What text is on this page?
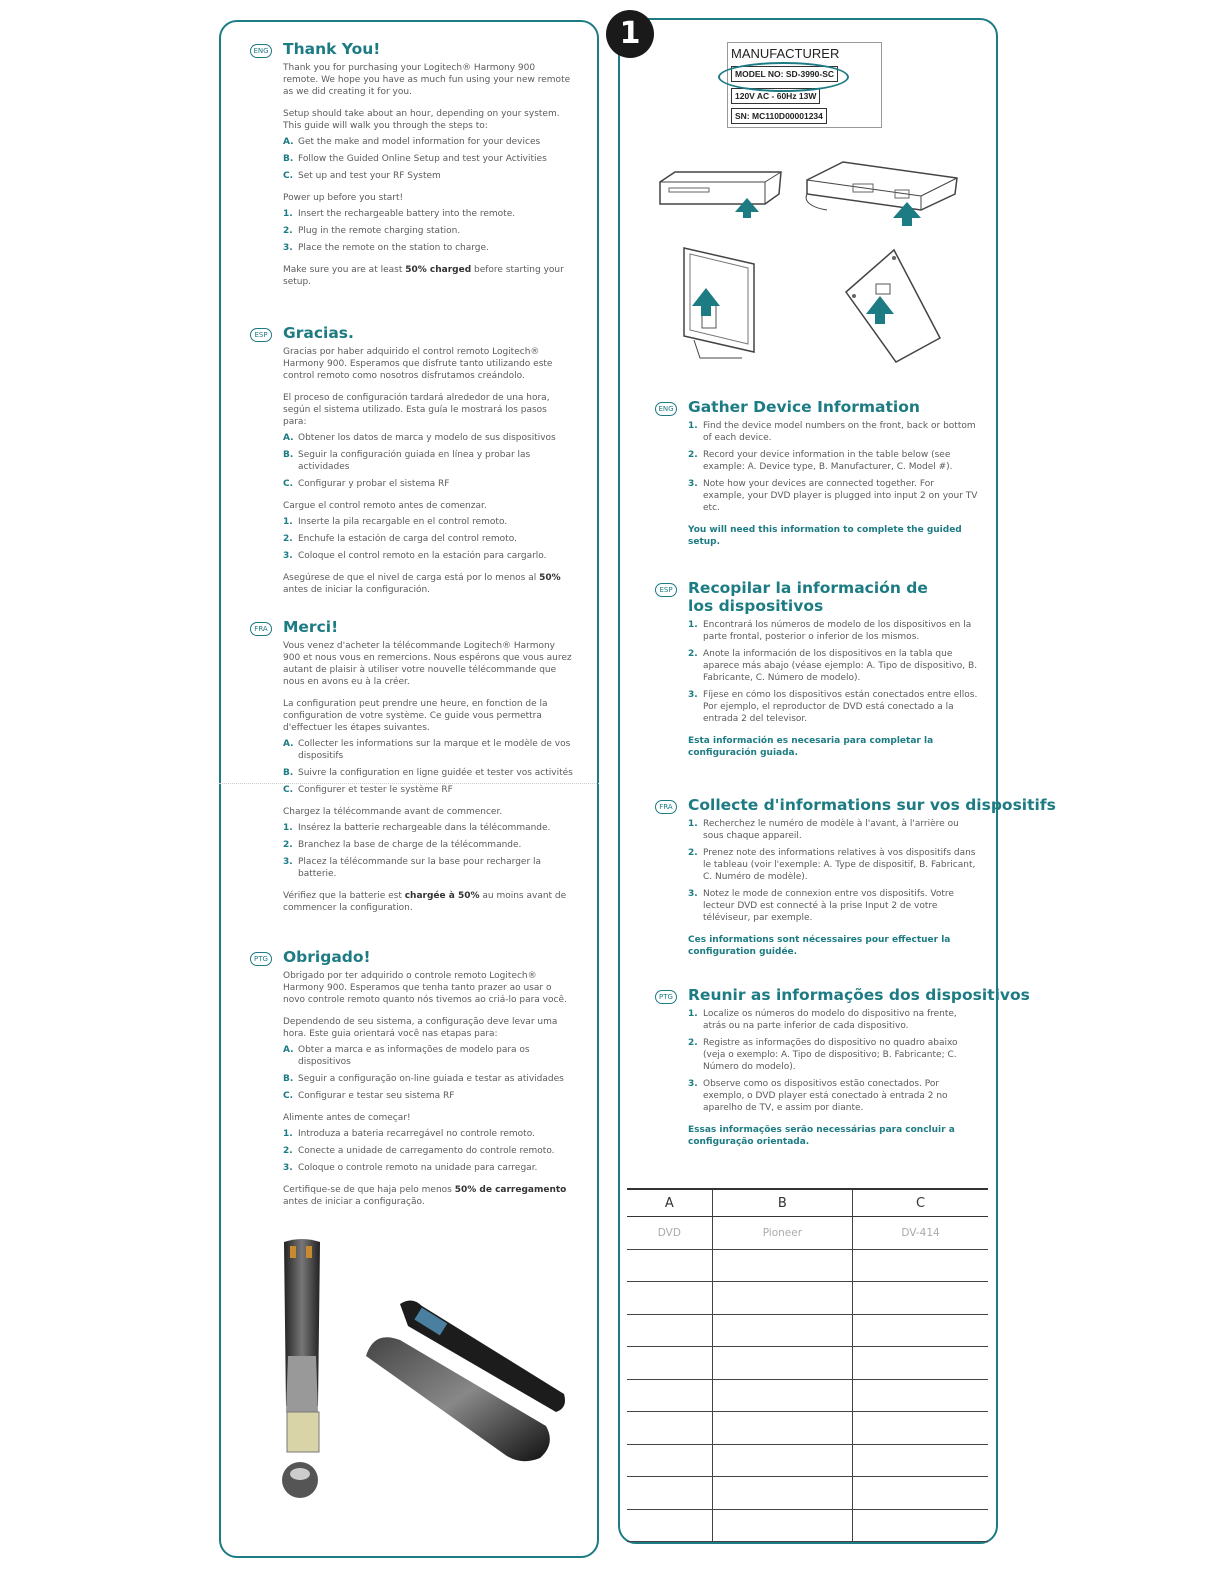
1
ENG Thank You!

Thank you for purchasing your Logitech® Harmony 900 remote. We hope you have as much fun using your new remote as we did creating it for you.

Setup should take about an hour, depending on your system. This guide will walk you through the steps to:

A. Get the make and model information for your devices
B. Follow the Guided Online Setup and test your Activities
C. Set up and test your RF System

Power up before you start!

1. Insert the rechargeable battery into the remote.
2. Plug in the remote charging station.
3. Place the remote on the station to charge.

Make sure you are at least 50% charged before starting your setup.

ESP Gracias.

Gracias por haber adquirido el control remoto Logitech® Harmony 900. Esperamos que disfrute tanto utilizando este control remoto como nosotros disfrutamos creándolo.

El proceso de configuración tardará alrededor de una hora, según el sistema utilizado. Esta guía le mostrará los pasos para:

A. Obtener los datos de marca y modelo de sus dispositivos
B. Seguir la configuración guiada en línea y probar las actividades
C. Configurar y probar el sistema RF

Cargue el control remoto antes de comenzar.

1. Inserte la pila recargable en el control remoto.
2. Enchufe la estación de carga del control remoto.
3. Coloque el control remoto en la estación para cargarlo.

Asegúrese de que el nivel de carga está por lo menos al 50% antes de iniciar la configuración.

FRA Merci!

Vous venez d'acheter la télécommande Logitech® Harmony 900 et nous vous en remercions. Nous espérons que vous aurez autant de plaisir à utiliser votre nouvelle télécommande que nous en avons eu à la créer.

La configuration peut prendre une heure, en fonction de la configuration de votre système. Ce guide vous permettra d'effectuer les étapes suivantes.

A. Collecter les informations sur la marque et le modèle de vos dispositifs
B. Suivre la configuration en ligne guidée et tester vos activités
C. Configurer et tester le système RF

Chargez la télécommande avant de commencer.

1. Insérez la batterie rechargeable dans la télécommande.
2. Branchez la base de charge de la télécommande.
3. Placez la télécommande sur la base pour recharger la batterie.

Vérifiez que la batterie est chargée à 50% au moins avant de commencer la configuration.

PTG Obrigado!

Obrigado por ter adquirido o controle remoto Logitech® Harmony 900. Esperamos que tenha tanto prazer ao usar o novo controle remoto quanto nós tivemos ao criá-lo para você.

Dependendo de seu sistema, a configuração deve levar uma hora. Este guia orientará você nas etapas para:

A. Obter a marca e as informações de modelo para os dispositivos
B. Seguir a configuração on-line guiada e testar as atividades
C. Configurar e testar seu sistema RF

Alimente antes de começar!

1. Introduza a bateria recarregável no controle remoto.
2. Conecte a unidade de carregamento do controle remoto.
3. Coloque o controle remoto na unidade para carregar.

Certifique-se de que haja pelo menos 50% de carregamento antes de iniciar a configuração.

MANUFACTURER
MODEL NO: SD-3990-SC
120V AC - 60Hz 13W
SN: MC110D00001234
ENG Gather Device Information
1. Find the device model numbers on the front, back or bottom of each device.
2. Record your device information in the table below (see example: A. Device type, B. Manufacturer, C. Model #).
3. Note how your devices are connected together. For example, your DVD player is plugged into input 2 on your TV etc.

You will need this information to complete the guided setup.

ESP Recopilar la información de los dispositivos
1. Encontrará los números de modelo de los dispositivos en la parte frontal, posterior o inferior de los mismos.
2. Anote la información de los dispositivos en la tabla que aparece más abajo (véase ejemplo: A. Tipo de dispositivo, B. Fabricante, C. Número de modelo).
3. Fíjese en cómo los dispositivos están conectados entre ellos. Por ejemplo, el reproductor de DVD está conectado a la entrada 2 del televisor.

Esta información es necesaria para completar la configuración guiada.

FRA Collecte d'informations sur vos dispositifs
1. Recherchez le numéro de modèle à l'avant, à l'arrière ou sous chaque appareil.
2. Prenez note des informations relatives à vos dispositifs dans le tableau (voir l'exemple: A. Type de dispositif, B. Fabricant, C. Numéro de modèle).
3. Notez le mode de connexion entre vos dispositifs. Votre lecteur DVD est connecté à la prise Input 2 de votre téléviseur, par exemple.

Ces informations sont nécessaires pour effectuer la configuration guidée.

PTG Reunir as informações dos dispositivos
1. Localize os números do modelo do dispositivo na frente, atrás ou na parte inferior de cada dispositivo.
2. Registre as informações do dispositivo no quadro abaixo (veja o exemplo: A. Tipo de dispositivo; B. Fabricante; C. Número do modelo).
3. Observe como os dispositivos estão conectados. Por exemplo, o DVD player está conectado à entrada 2 no aparelho de TV, e assim por diante.

Essas informações serão necessárias para concluir a configuração orientada.

A	B	C
DVD	Pioneer	DV-414
